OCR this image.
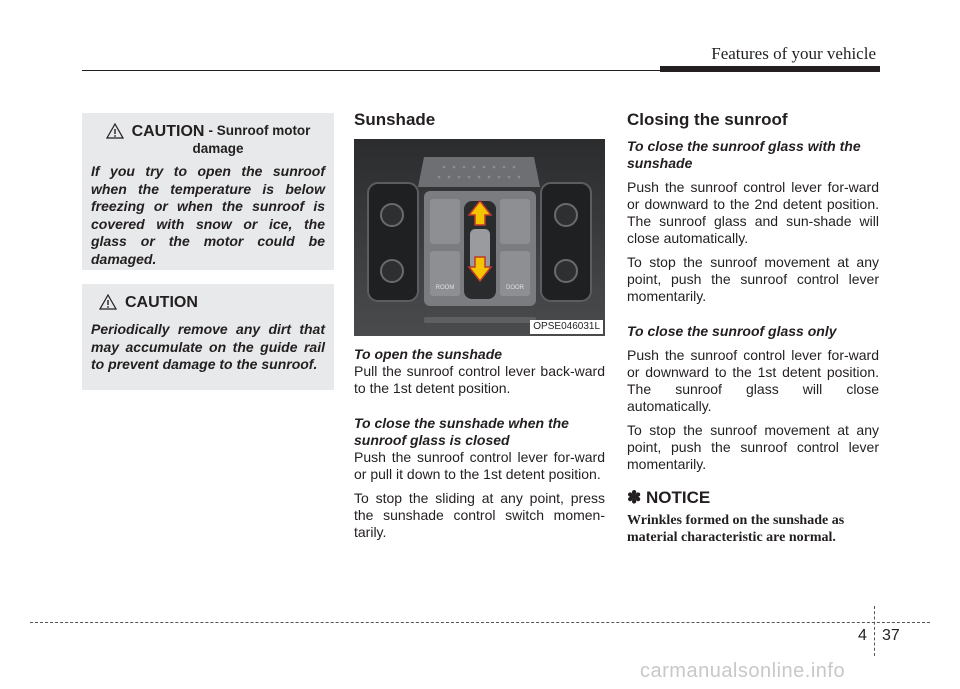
Features of your vehicle
CAUTION - Sunroof motor
damage
If you try to open the sunroof when the temperature is below freezing or when the sunroof is covered with snow or ice, the glass or the motor could be damaged.
CAUTION
Periodically remove any dirt that may accumulate on the guide rail to prevent damage to the sunroof.
Sunshade
ROOM	DOOR
OPSE046031L
To open the sunshade

Pull the sunroof control lever back-ward to the 1st detent position.

To close the sunshade when the sunroof glass is closed

Push the sunroof control lever for-ward or pull it down to the 1st detent position.

To stop the sliding at any point, press the sunshade control switch momen-tarily.

Closing the sunroof
To close the sunroof glass with the sunshade

Push the sunroof control lever for-ward or downward to the 2nd detent position. The sunroof glass and sun-shade will close automatically.

To stop the sunroof movement at any point, push the sunroof control lever momentarily.

To close the sunroof glass only

Push the sunroof control lever for-ward or downward to the 1st detent position. The sunroof glass will close automatically.

To stop the sunroof movement at any point, push the sunroof control lever momentarily.

✽ NOTICE
Wrinkles formed on the sunshade as material characteristic are normal.
4 37
carmanualsonline.info
